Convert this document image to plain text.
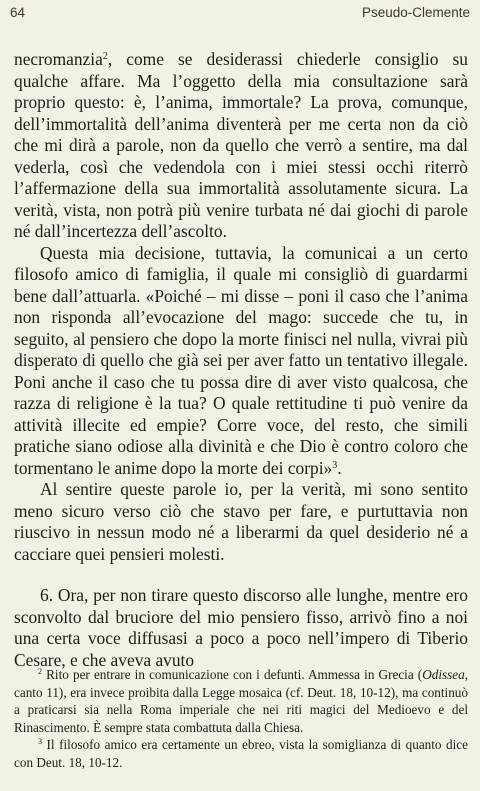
64	Pseudo-Clemente

necromanzia$^2$, come se desiderassi chiederle consiglio su qualche affare. Ma l’oggetto della mia consultazione sarà proprio questo: è, l’anima, immortale? La prova, comunque, dell’immortalità dell’anima diventerà per me certa non da ciò che mi dirà a parole, non da quello che verrò a sentire, ma dal vederla, così che vedendola con i miei stessi occhi riterrò l’affermazione della sua immortalità assolutamente sicura. La verità, vista, non potrà più venire turbata né dai giochi di parole né dall’incertezza dell’ascolto.

Questa mia decisione, tuttavia, la comunicai a un certo filosofo amico di famiglia, il quale mi consigliò di guardarmi bene dall’attuarla. «Poiché – mi disse – poni il caso che l’anima non risponda all’evocazione del mago: succede che tu, in seguito, al pensiero che dopo la morte finisci nel nulla, vivrai più disperato di quello che già sei per aver fatto un tentativo illegale. Poni anche il caso che tu possa dire di aver visto qualcosa, che razza di religione è la tua? O quale rettitudine ti può venire da attività illecite ed empie? Corre voce, del resto, che simili pratiche siano odiose alla divinità e che Dio è contro coloro che tormentano le anime dopo la morte dei corpi»$^3$.

Al sentire queste parole io, per la verità, mi sono sentito meno sicuro verso ciò che stavo per fare, e purtuttavia non riuscivo in nessun modo né a liberarmi da quel desiderio né a cacciare quei pensieri molesti.

6. Ora, per non tirare questo discorso alle lunghe, mentre ero sconvolto dal bruciore del mio pensiero fisso, arrivò fino a noi una certa voce diffusasi a poco a poco nell’impero di Tiberio Cesare, e che aveva avuto

$^2$ Rito per entrare in comunicazione con i defunti. Ammessa in Grecia (Odissea, canto 11), era invece proibita dalla Legge mosaica (cf. Deut. 18, 10-12), ma continuò a praticarsi sia nella Roma imperiale che nei riti magici del Medioevo e del Rinascimento. È sempre stata combattuta dalla Chiesa.

$^3$ Il filosofo amico era certamente un ebreo, vista la somiglianza di quanto dice con Deut. 18, 10-12.
